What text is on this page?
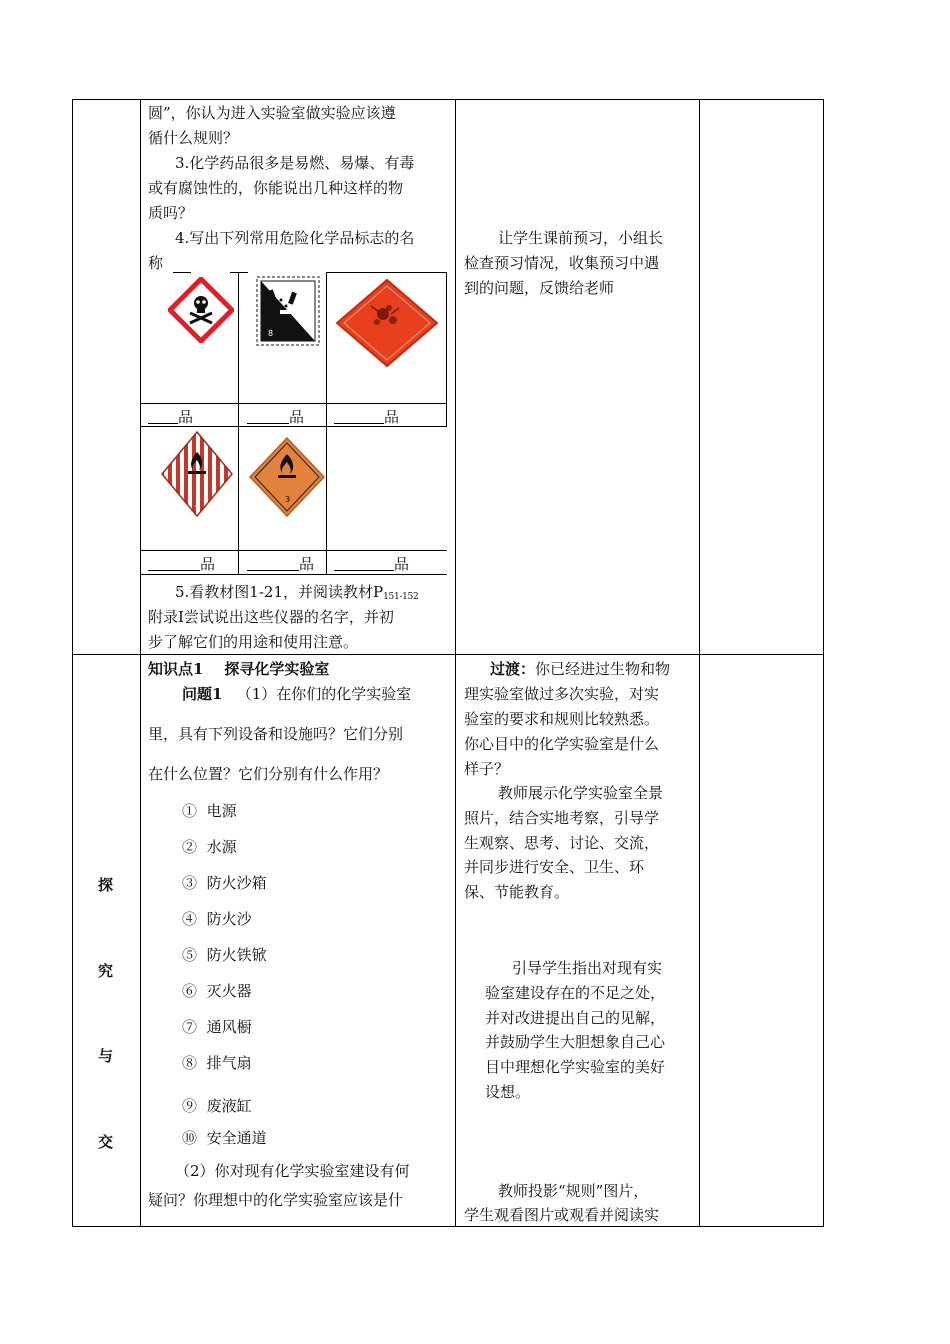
圆”，你认为进入实验室做实验应该遵
循什么规则？
3.化学药品很多是易燃、易爆、有毒
或有腐蚀性的，你能说出几种这样的物
质吗？
4.写出下列常用危险化学品标志的名
称
8
4
3
品	品	品
品	品	品
5.看教材图1-21，并阅读教材$P_{151-152}$
附录Ⅰ尝试说出这些仪器的名字，并初
步了解它们的用途和使用注意。
让学生课前预习，小组长
检查预习情况，收集预习中遇
到的问题，反馈给老师
探
究
与
交
知识点1    探寻化学实验室
问题1 （1）在你们的化学实验室
里，具有下列设备和设施吗？它们分别
在什么位置？它们分别有什么作用？
① 电源
② 水源
③ 防火沙箱
④ 防火沙
⑤ 防火铁锨
⑥ 灭火器
⑦ 通风橱
⑧ 排气扇
⑨ 废液缸
⑩ 安全通道
（2）你对现有化学实验室建设有何
疑问？你理想中的化学实验室应该是什
过渡：你已经进过生物和物
理实验室做过多次实验，对实
验室的要求和规则比较熟悉。
你心目中的化学实验室是什么
样子？
教师展示化学实验室全景
照片，结合实地考察，引导学
生观察、思考、讨论、交流，
并同步进行安全、卫生、环
保、节能教育。
引导学生指出对现有实
验室建设存在的不足之处，
并对改进提出自己的见解，
并鼓励学生大胆想象自己心
目中理想化学实验室的美好
设想。
教师投影“规则”图片，
学生观看图片或观看并阅读实
